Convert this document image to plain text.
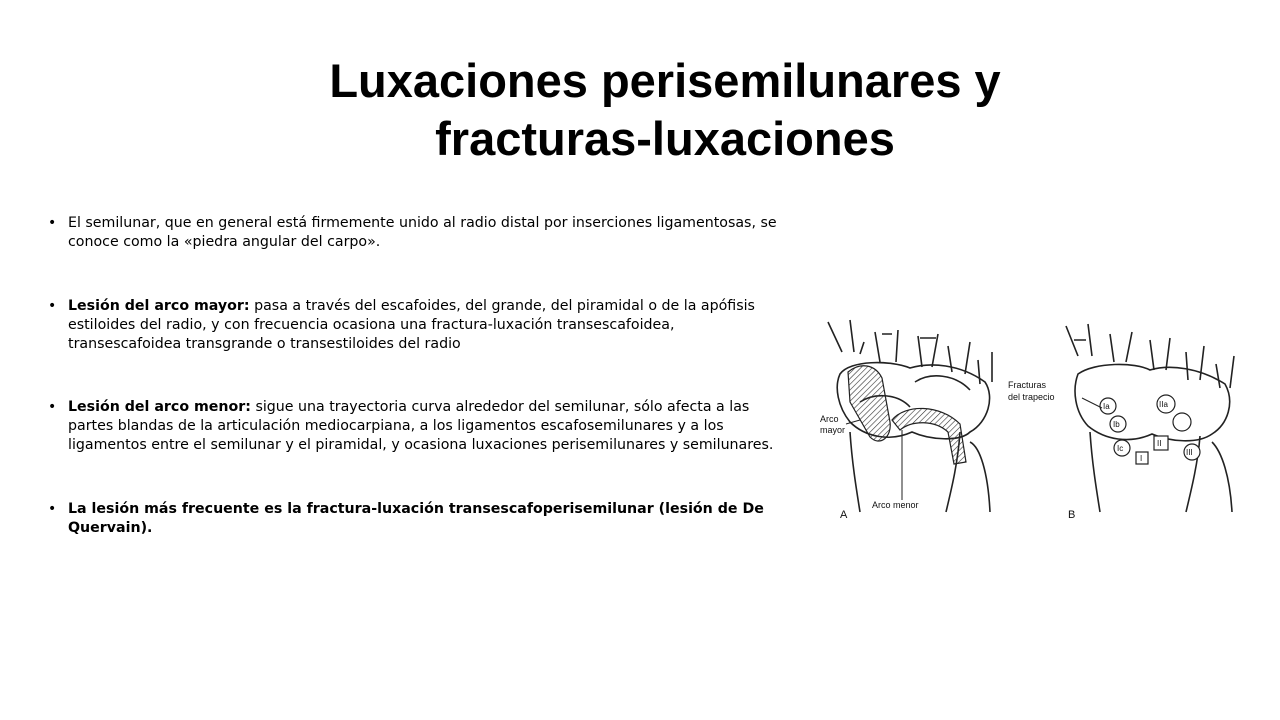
Luxaciones perisemilunares y
fracturas-luxaciones
• El semilunar, que en general está firmemente unido al radio distal por inserciones ligamentosas, se conoce como la «piedra angular del carpo».
• Lesión del arco mayor: pasa a través del escafoides, del grande, del piramidal o de la apófisis estiloides del radio, y con frecuencia ocasiona una fractura-luxación transescafoidea, transescafoidea transgrande o transestiloides del radio
• Lesión del arco menor: sigue una trayectoria curva alrededor del semilunar, sólo afecta a las partes blandas de la articulación mediocarpiana, a los ligamentos escafosemilunares y a los ligamentos entre el semilunar y el piramidal, y ocasiona luxaciones perisemilunares y semilunares.
• La lesión más frecuente es la fractura-luxación transescafoperisemilunar (lesión de De Quervain).
Arco
mayor
Arco menor
A
Ia
Ib
Ic
IIa
II
III
I
Fracturas
del trapecio
B
